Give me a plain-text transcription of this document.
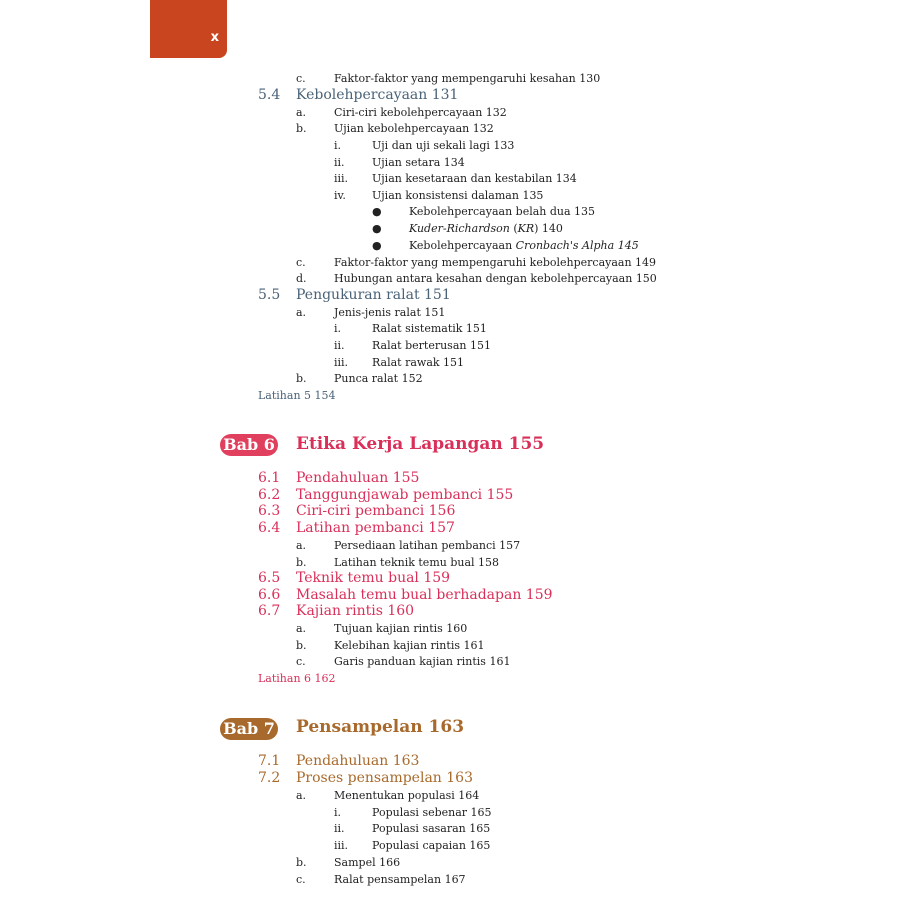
x
c.	Faktor-faktor yang mempengaruhi kesahan 130
5.4 Kebolehpercayaan 131
a.	Ciri-ciri kebolehpercayaan 132
b. Ujian kebolehpercayaan 132
i.	Uji dan uji sekali lagi 133
ii. Ujian setara 134
iii. Ujian kesetaraan dan kestabilan 134
iv. Ujian konsistensi dalaman 135
● Kebolehpercayaan belah dua 135
● Kuder-Richardson (KR) 140
● Kebolehpercayaan Cronbach's Alpha 145
c.	Faktor-faktor yang mempengaruhi kebolehpercayaan 149
d. Hubungan antara kesahan dengan kebolehpercayaan 150
5.5 Pengukuran ralat 151
a.	Jenis-jenis ralat 151
i.	Ralat sistematik 151
ii. Ralat berterusan 151
iii. Ralat rawak 151
b. Punca ralat 152
Latihan 5 154
Bab 6 Etika Kerja Lapangan 155
6.1 Pendahuluan 155
6.2 Tanggungjawab pembanci 155
6.3 Ciri-ciri pembanci 156
6.4 Latihan pembanci 157
a.	Persediaan latihan pembanci 157
b. Latihan teknik temu bual 158
6.5 Teknik temu bual 159
6.6 Masalah temu bual berhadapan 159
6.7 Kajian rintis 160
a.	Tujuan kajian rintis 160
b. Kelebihan kajian rintis 161
c.	Garis panduan kajian rintis 161
Latihan 6 162
Bab 7 Pensampelan 163
7.1 Pendahuluan 163
7.2 Proses pensampelan 163
a.	Menentukan populasi 164
i.	Populasi sebenar 165
ii. Populasi sasaran 165
iii. Populasi capaian 165
b. Sampel 166
c.	Ralat pensampelan 167
